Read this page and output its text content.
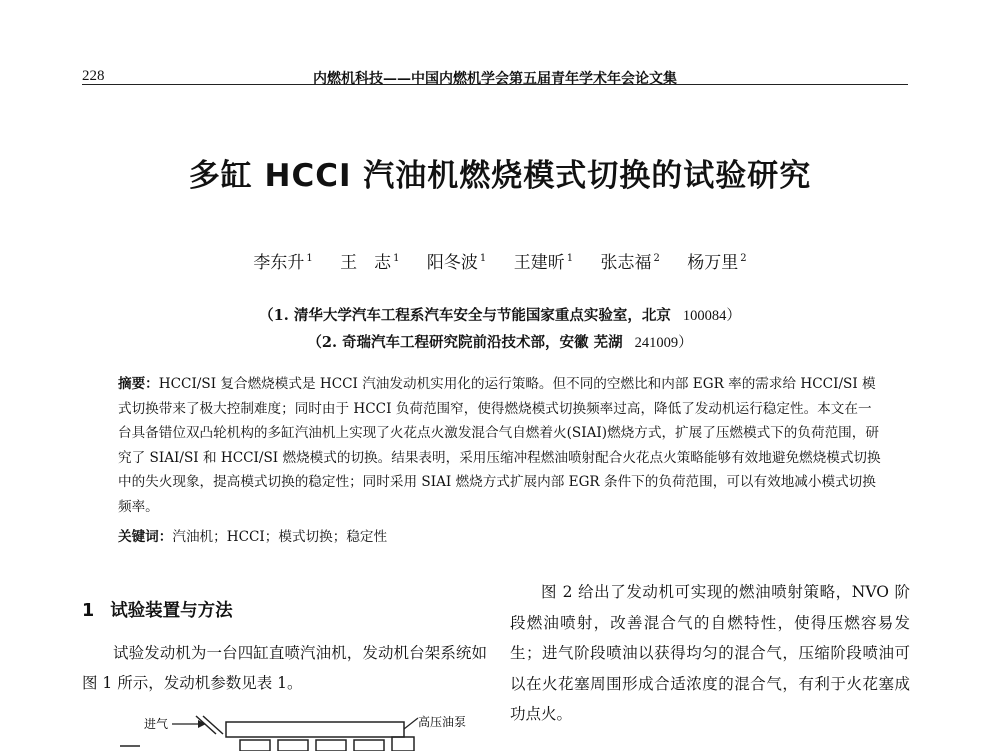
228	内燃机科技——中国内燃机学会第五届青年学术年会论文集
多缸 HCCI 汽油机燃烧模式切换的试验研究
李东升 $^1$ 王　志 $^1$ 阳冬波 $^1$ 王建昕 $^1$ 张志福 $^2$ 杨万里 $^2$
（1. 清华大学汽车工程系汽车安全与节能国家重点实验室，北京 100084）
（2. 奇瑞汽车工程研究院前沿技术部，安徽 芜湖 241009）
摘要：HCCI/SI 复合燃烧模式是 HCCI 汽油发动机实用化的运行策略。但不同的空燃比和内部 EGR 率的需求给 HCCI/SI 模式切换带来了极大控制难度；同时由于 HCCI 负荷范围窄，使得燃烧模式切换频率过高，降低了发动机运行稳定性。本文在一台具备错位双凸轮机构的多缸汽油机上实现了火花点火激发混合气自燃着火(SIAI)燃烧方式，扩展了压燃模式下的负荷范围，研究了 SIAI/SI 和 HCCI/SI 燃烧模式的切换。结果表明，采用压缩冲程燃油喷射配合火花点火策略能够有效地避免燃烧模式切换中的失火现象，提高模式切换的稳定性；同时采用 SIAI 燃烧方式扩展内部 EGR 条件下的负荷范围，可以有效地减小模式切换频率。
关键词：汽油机；HCCI；模式切换；稳定性
1 试验装置与方法
试验发动机为一台四缸直喷汽油机，发动机台架系统如图 1 所示，发动机参数见表 1。
图 2 给出了发动机可实现的燃油喷射策略，NVO 阶段燃油喷射，改善混合气的自燃特性，使得压燃容易发生；进气阶段喷油以获得均匀的混合气，压缩阶段喷油可以在火花塞周围形成合适浓度的混合气，有利于火花塞成功点火。
进气	高压油泵
